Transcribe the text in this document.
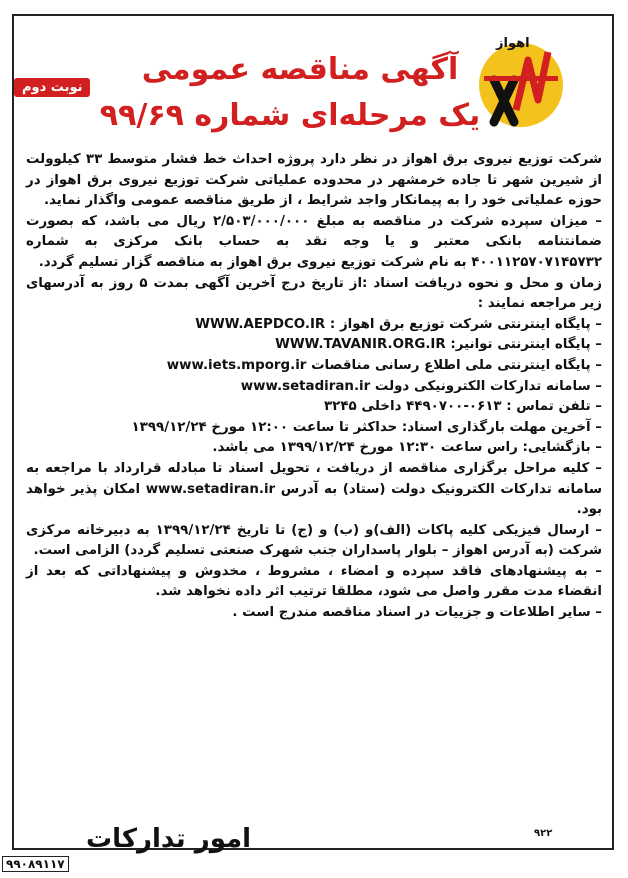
نوبت دوم
اهواز
آگهی مناقصه عمومی
یک مرحله‌ای شماره ۹۹/۶۹

شرکت توزیع نیروی برق اهواز در نظر دارد پروژه احداث خط فشار متوسط ۳۳ کیلوولت از شیرین شهر تا جاده خرمشهر در محدوده عملیاتی شرکت توزیع نیروی برق اهواز در حوزه عملیاتی خود را به پیمانکار واجد شرایط ، از طریق مناقصه عمومی واگذار نماید.

– میزان سپرده شرکت در مناقصه به مبلغ ۲/۵۰۳/۰۰۰/۰۰۰ ریال می باشد، که بصورت ضمانتنامه بانکی معتبر و یا وجه نقد به حساب بانک مرکزی به شماره ۴۰۰۱۱۲۵۷۰۷۱۴۵۷۳۲ به نام شرکت توزیع نیروی برق اهواز به مناقصه گزار تسلیم گردد.

زمان و محل و نحوه دریافت اسناد :از تاریخ درج آخرین آگهی بمدت ۵ روز به آدرسهای زیر مراجعه نمایند :

– پایگاه اینترنتی شرکت توزیع برق اهواز : WWW.AEPDCO.IR

– پایگاه اینترنتی توانیر: WWW.TAVANIR.ORG.IR

– پایگاه اینترنتی ملی اطلاع رسانی مناقصات www.iets.mporg.ir

– سامانه تدارکات الکترونیکی دولت www.setadiran.ir

– تلفن تماس : ۰۶۱۳-۴۴۹۰۷۰۰ داخلی ۳۲۴۵

– آخرین مهلت بارگذاری اسناد: حداکثر تا ساعت ۱۲:۰۰ مورخ ۱۳۹۹/۱۲/۲۴

– بازگشایی: راس ساعت ۱۲:۳۰ مورخ ۱۳۹۹/۱۲/۲۴ می باشد.

– کلیه مراحل برگزاری مناقصه از دریافت ، تحویل اسناد تا مبادله قرارداد با مراجعه به سامانه تدارکات الکترونیک دولت (ستاد) به آدرس www.setadiran.ir امکان پذیر خواهد بود.

– ارسال فیزیکی کلیه پاکات (الف)و (ب) و (ج) تا تاریخ ۱۳۹۹/۱۲/۲۴ به دبیرخانه مرکزی شرکت (به آدرس اهواز – بلوار پاسداران جنب شهرک صنعتی تسلیم گردد) الزامی است.

– به پیشنهادهای فاقد سپرده و امضاء ، مشروط ، مخدوش و پیشنهاداتی که بعد از انقضاء مدت مقرر واصل می شود، مطلقا ترتیب اثر داده نخواهد شد.

– سایر اطلاعات و جزییات در اسناد مناقصه مندرج است .

۹۲۲
امور تدارکات
۹۹۰۸۹۱۱۷
